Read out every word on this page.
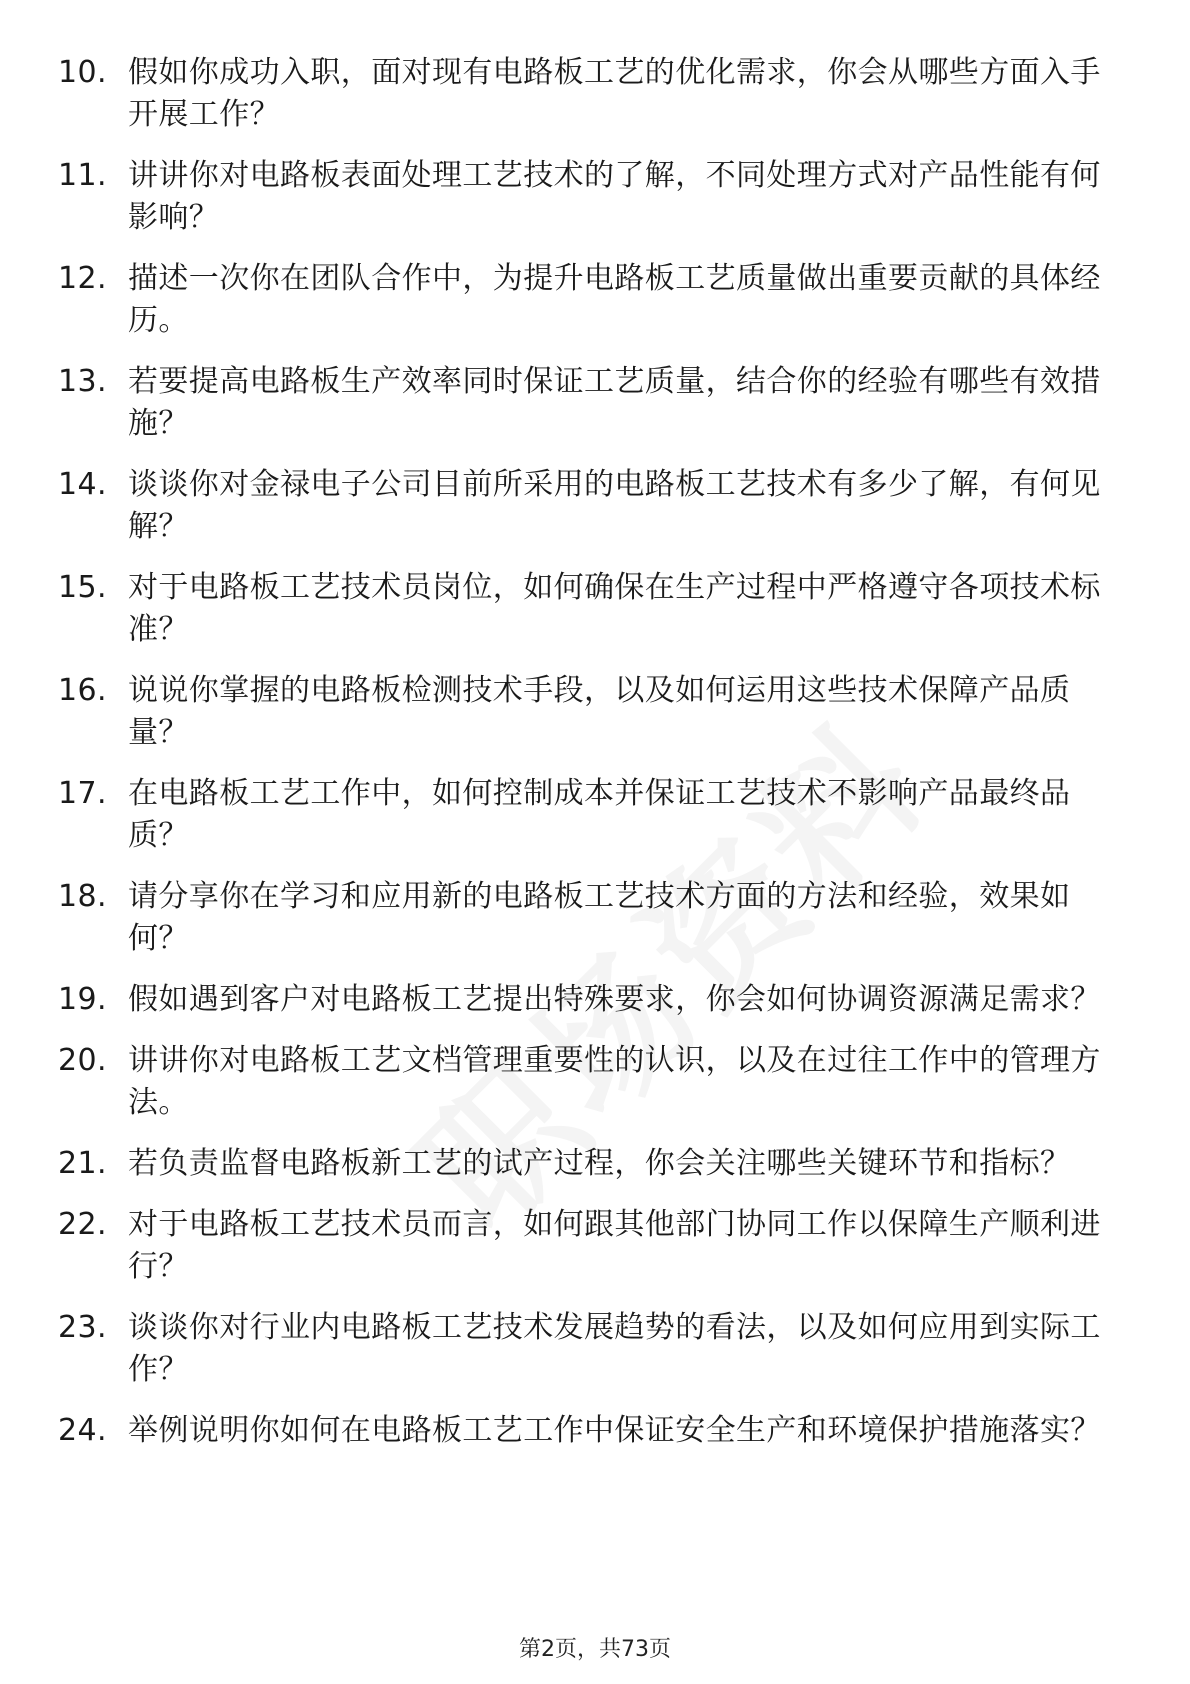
10. 假如你成功入职，面对现有电路板工艺的优化需求，你会从哪些方面入手开展工作？
11. 讲讲你对电路板表面处理工艺技术的了解，不同处理方式对产品性能有何影响？
12. 描述一次你在团队合作中，为提升电路板工艺质量做出重要贡献的具体经历。
13. 若要提高电路板生产效率同时保证工艺质量，结合你的经验有哪些有效措施？
14. 谈谈你对金禄电子公司目前所采用的电路板工艺技术有多少了解，有何见解？
15. 对于电路板工艺技术员岗位，如何确保在生产过程中严格遵守各项技术标准？
16. 说说你掌握的电路板检测技术手段，以及如何运用这些技术保障产品质量？
17. 在电路板工艺工作中，如何控制成本并保证工艺技术不影响产品最终品质？
18. 请分享你在学习和应用新的电路板工艺技术方面的方法和经验，效果如何？
19. 假如遇到客户对电路板工艺提出特殊要求，你会如何协调资源满足需求？
20. 讲讲你对电路板工艺文档管理重要性的认识，以及在过往工作中的管理方法。
21. 若负责监督电路板新工艺的试产过程，你会关注哪些关键环节和指标？
22. 对于电路板工艺技术员而言，如何跟其他部门协同工作以保障生产顺利进行？
23. 谈谈你对行业内电路板工艺技术发展趋势的看法，以及如何应用到实际工作？
24. 举例说明你如何在电路板工艺工作中保证安全生产和环境保护措施落实？
第2页，共73页
